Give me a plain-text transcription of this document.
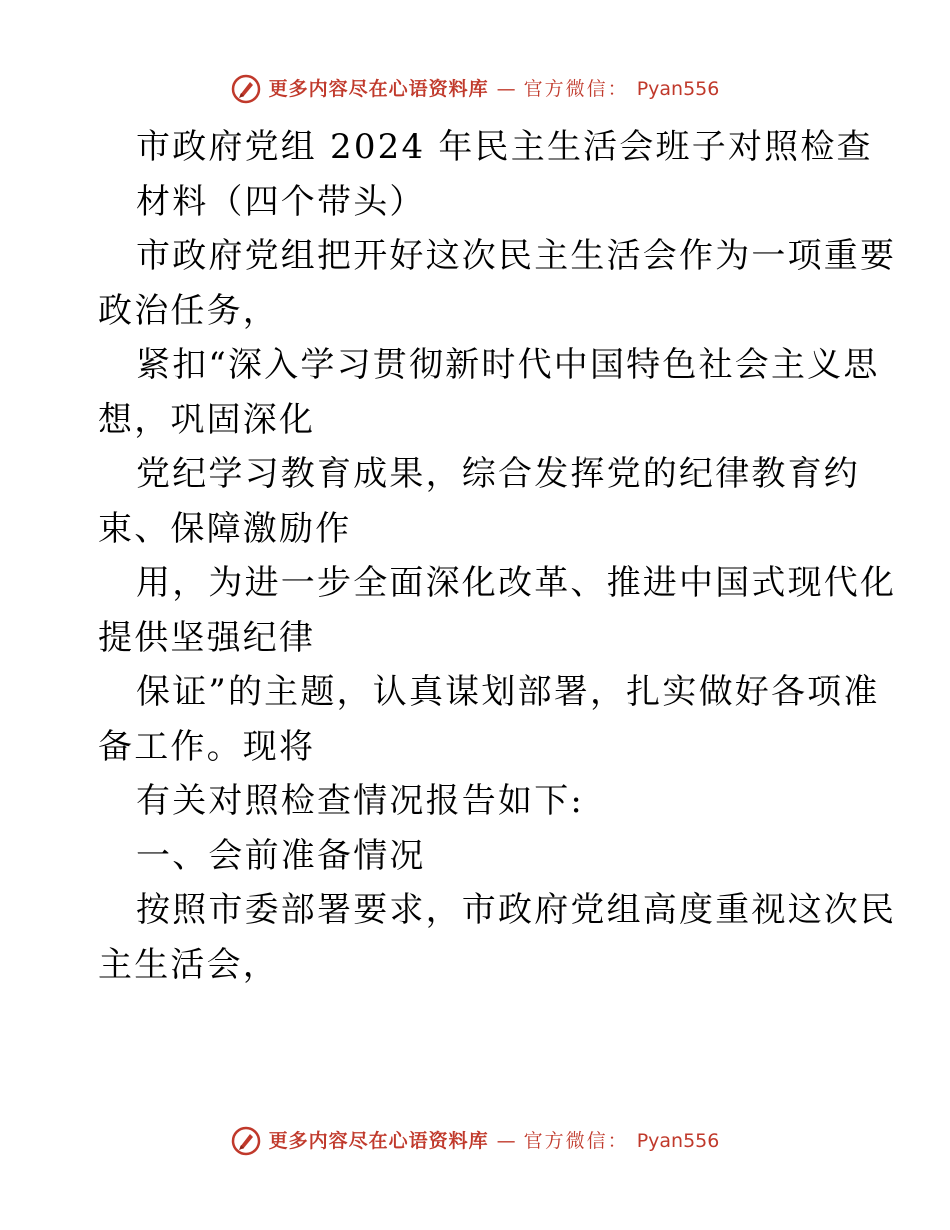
更多内容尽在心语资料库 — 官方微信： Pyan556
市政府党组 2024 年民主生活会班子对照检查
材料（四个带头）
市政府党组把开好这次民主生活会作为一项重要
政治任务，
紧扣“深入学习贯彻新时代中国特色社会主义思
想，巩固深化
党纪学习教育成果，综合发挥党的纪律教育约
束、保障激励作
用，为进一步全面深化改革、推进中国式现代化
提供坚强纪律
保证”的主题，认真谋划部署，扎实做好各项准
备工作。现将
有关对照检查情况报告如下:
一、会前准备情况
按照市委部署要求，市政府党组高度重视这次民
主生活会，
更多内容尽在心语资料库 — 官方微信： Pyan556
